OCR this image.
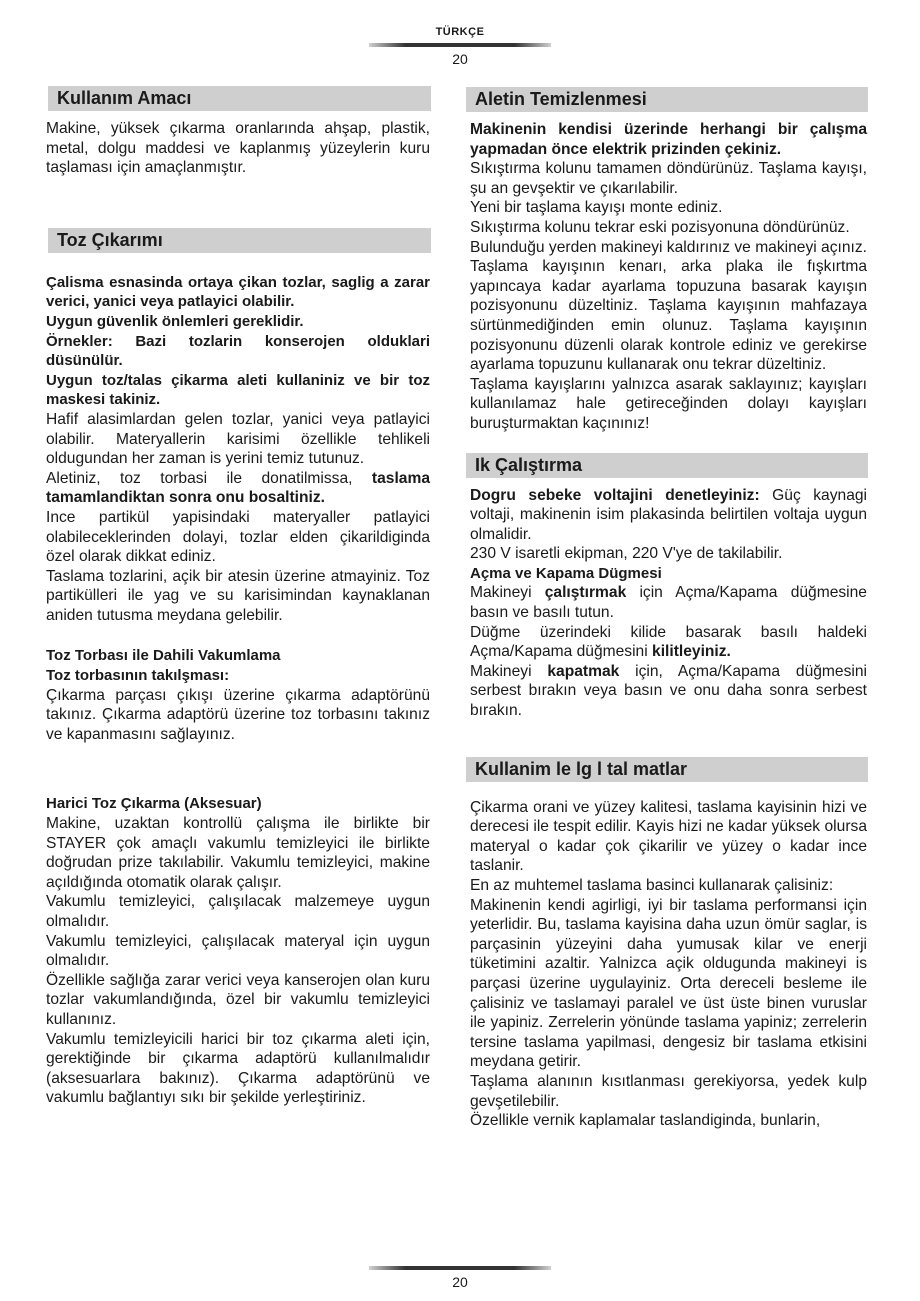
TÜRKÇE
20
Kullanım Amacı

Makine, yüksek çıkarma oranlarında ahşap, plastik, metal, dolgu maddesi ve kaplanmış yüzeylerin kuru taşlaması için amaçlanmıştır.

Toz Çıkarımı

Çalisma esnasinda ortaya çikan tozlar, saglig a zarar verici, yanici veya patlayici olabilir.

Uygun güvenlik önlemleri gereklidir.

Örnekler: Bazi tozlarin konserojen olduklari düsünülür.

Uygun toz/talas çikarma aleti kullaniniz ve bir toz maskesi takiniz.

Hafif alasimlardan gelen tozlar, yanici veya patlayici olabilir. Materyallerin karisimi özellikle tehlikeli oldugundan her zaman is yerini temiz tutunuz.

Aletiniz, toz torbasi ile donatilmissa, taslama tamamlandiktan sonra onu bosaltiniz.

Ince partikül yapisindaki materyaller patlayici olabileceklerinden dolayi, tozlar elden çikarildiginda özel olarak dikkat ediniz.

Taslama tozlarini, açik bir atesin üzerine atmayiniz. Toz partikülleri ile yag ve su karisimindan kaynaklanan aniden tutusma meydana gelebilir.

Toz Torbası ile Dahili Vakumlama

Toz torbasının takılşması:

Çıkarma parçası çıkışı üzerine çıkarma adaptörünü takınız. Çıkarma adaptörü üzerine toz torbasını takınız ve kapanmasını sağlayınız.

Harici Toz Çıkarma (Aksesuar)

Makine, uzaktan kontrollü çalışma ile birlikte bir STAYER çok amaçlı vakumlu temizleyici ile birlikte doğrudan prize takılabilir. Vakumlu temizleyici, makine açıldığında otomatik olarak çalışır.

Vakumlu temizleyici, çalışılacak malzemeye uygun olmalıdır.

Vakumlu temizleyici, çalışılacak materyal için uygun olmalıdır.

Özellikle sağlığa zarar verici veya kanserojen olan kuru tozlar vakumlandığında, özel bir vakumlu temizleyici kullanınız.

Vakumlu temizleyicili harici bir toz çıkarma aleti için, gerektiğinde bir çıkarma adaptörü kullanılmalıdır (aksesuarlara bakınız). Çıkarma adaptörünü ve vakumlu bağlantıyı sıkı bir şekilde yerleştiriniz.

Aletin Temizlenmesi

Makinenin kendisi üzerinde herhangi bir çalışma yapmadan önce elektrik prizinden çekiniz.

Sıkıştırma kolunu tamamen döndürünüz. Taşlama kayışı, şu an gevşektir ve çıkarılabilir.

Yeni bir taşlama kayışı monte ediniz.

Sıkıştırma kolunu tekrar eski pozisyonuna döndürünüz.

Bulunduğu yerden makineyi kaldırınız ve makineyi açınız. Taşlama kayışının kenarı, arka plaka ile fışkırtma yapıncaya kadar ayarlama topuzuna basarak kayışın pozisyonunu düzeltiniz. Taşlama kayışının mahfazaya sürtünmediğinden emin olunuz. Taşlama kayışının pozisyonunu düzenli olarak kontrole ediniz ve gerekirse ayarlama topuzunu kullanarak onu tekrar düzeltiniz.

Taşlama kayışlarını yalnızca asarak saklayınız; kayışları kullanılamaz hale getireceğinden dolayı kayışları buruşturmaktan kaçınınız!

Ik Çalıştırma

Dogru sebeke voltajini denetleyiniz: Güç kaynagi voltaji, makinenin isim plakasinda belirtilen voltaja uygun olmalidir.

230 V isaretli ekipman, 220 V'ye de takilabilir.

Açma ve Kapama Dügmesi

Makineyi çalıştırmak için Açma/Kapama düğmesine basın ve basılı tutun.

Düğme üzerindeki kilide basarak basılı haldeki Açma/Kapama düğmesini kilitleyiniz.

Makineyi kapatmak için, Açma/Kapama düğmesini serbest bırakın veya basın ve onu daha sonra serbest bırakın.

Kullanim le lg l tal matlar

Çikarma orani ve yüzey kalitesi, taslama kayisinin hizi ve derecesi ile tespit edilir. Kayis hizi ne kadar yüksek olursa materyal o kadar çok çikarilir ve yüzey o kadar ince taslanir.

En az muhtemel taslama basinci kullanarak çalisiniz:

Makinenin kendi agirligi, iyi bir taslama performansi için yeterlidir. Bu, taslama kayisina daha uzun ömür saglar, is parçasinin yüzeyini daha yumusak kilar ve enerji tüketimini azaltir. Yalnizca açik oldugunda makineyi is parçasi üzerine uygulayiniz. Orta dereceli besleme ile çalisiniz ve taslamayi paralel ve üst üste binen vuruslar ile yapiniz. Zerrelerin yönünde taslama yapiniz; zerrelerin tersine taslama yapilmasi, dengesiz bir taslama etkisini meydana getirir.

Taşlama alanının kısıtlanması gerekiyorsa, yedek kulp gevşetilebilir.

Özellikle vernik kaplamalar taslandiginda, bunlarin,

20
